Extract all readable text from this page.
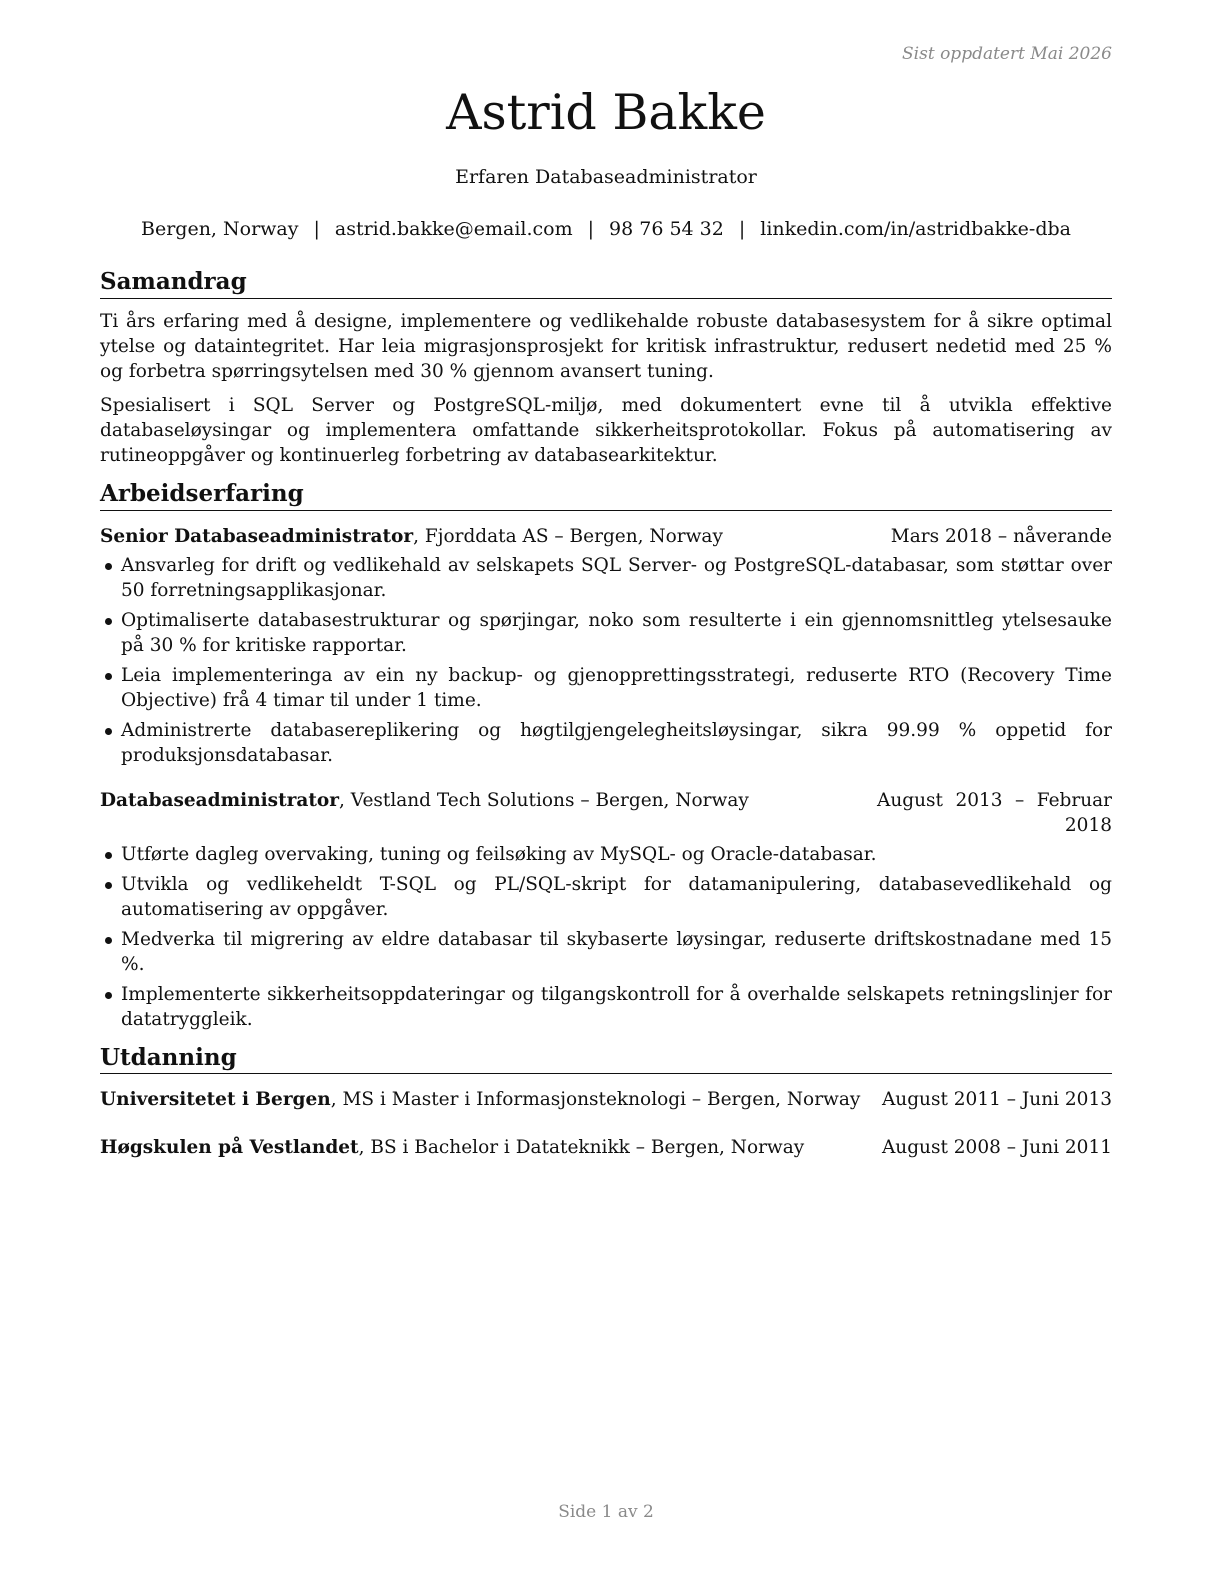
Sist oppdatert Mai 2026
Astrid Bakke
Erfaren Databaseadministrator
Bergen, Norway | astrid.bakke@email.com | 98 76 54 32 | linkedin.com/in/astridbakke-dba
Samandrag

Ti års erfaring med å designe, implementere og vedlikehalde robuste databasesystem for å sikre optimal ytelse og dataintegritet. Har leia migrasjonsprosjekt for kritisk infrastruktur, redusert nedetid med 25 % og forbetra spørringsytelsen med 30 % gjennom avansert tuning.

Spesialisert i SQL Server og PostgreSQL-miljø, med dokumentert evne til å utvikla effektive databaseløysingar og implementera omfattande sikkerheitsprotokollar. Fokus på automatisering av rutineoppgåver og kontinuerleg forbetring av databasearkitektur.

Arbeidserfaring
Senior Databaseadministrator, Fjorddata AS – Bergen, Norway	Mars 2018 – nåverande
Ansvarleg for drift og vedlikehald av selskapets SQL Server- og PostgreSQL-databasar, som støttar over 50 forretningsapplikasjonar.
Optimaliserte databasestrukturar og spørjingar, noko som resulterte i ein gjennomsnittleg ytelsesauke på 30 % for kritiske rapportar.
Leia implementeringa av ein ny backup- og gjenopprettingsstrategi, reduserte RTO (Recovery Time Objective) frå 4 timar til under 1 time.
Administrerte databasereplikering og høgtilgjengelegheitsløysingar, sikra 99.99 % oppetid for produksjonsdatabasar.
Databaseadministrator, Vestland Tech Solutions – Bergen, Norway	August 2013 – Februar 2018
Utførte dagleg overvaking, tuning og feilsøking av MySQL- og Oracle-databasar.
Utvikla og vedlikeheldt T-SQL og PL/SQL-skript for datamanipulering, databasevedlikehald og automatisering av oppgåver.
Medverka til migrering av eldre databasar til skybaserte løysingar, reduserte driftskostnadane med 15 %.
Implementerte sikkerheitsoppdateringar og tilgangskontroll for å overhalde selskapets retningslinjer for datatryggleik.
Utdanning
Universitetet i Bergen, MS i Master i Informasjonsteknologi – Bergen, Norway	August 2011 – Juni 2013
Høgskulen på Vestlandet, BS i Bachelor i Datateknikk – Bergen, Norway	August 2008 – Juni 2011
Side 1 av 2
